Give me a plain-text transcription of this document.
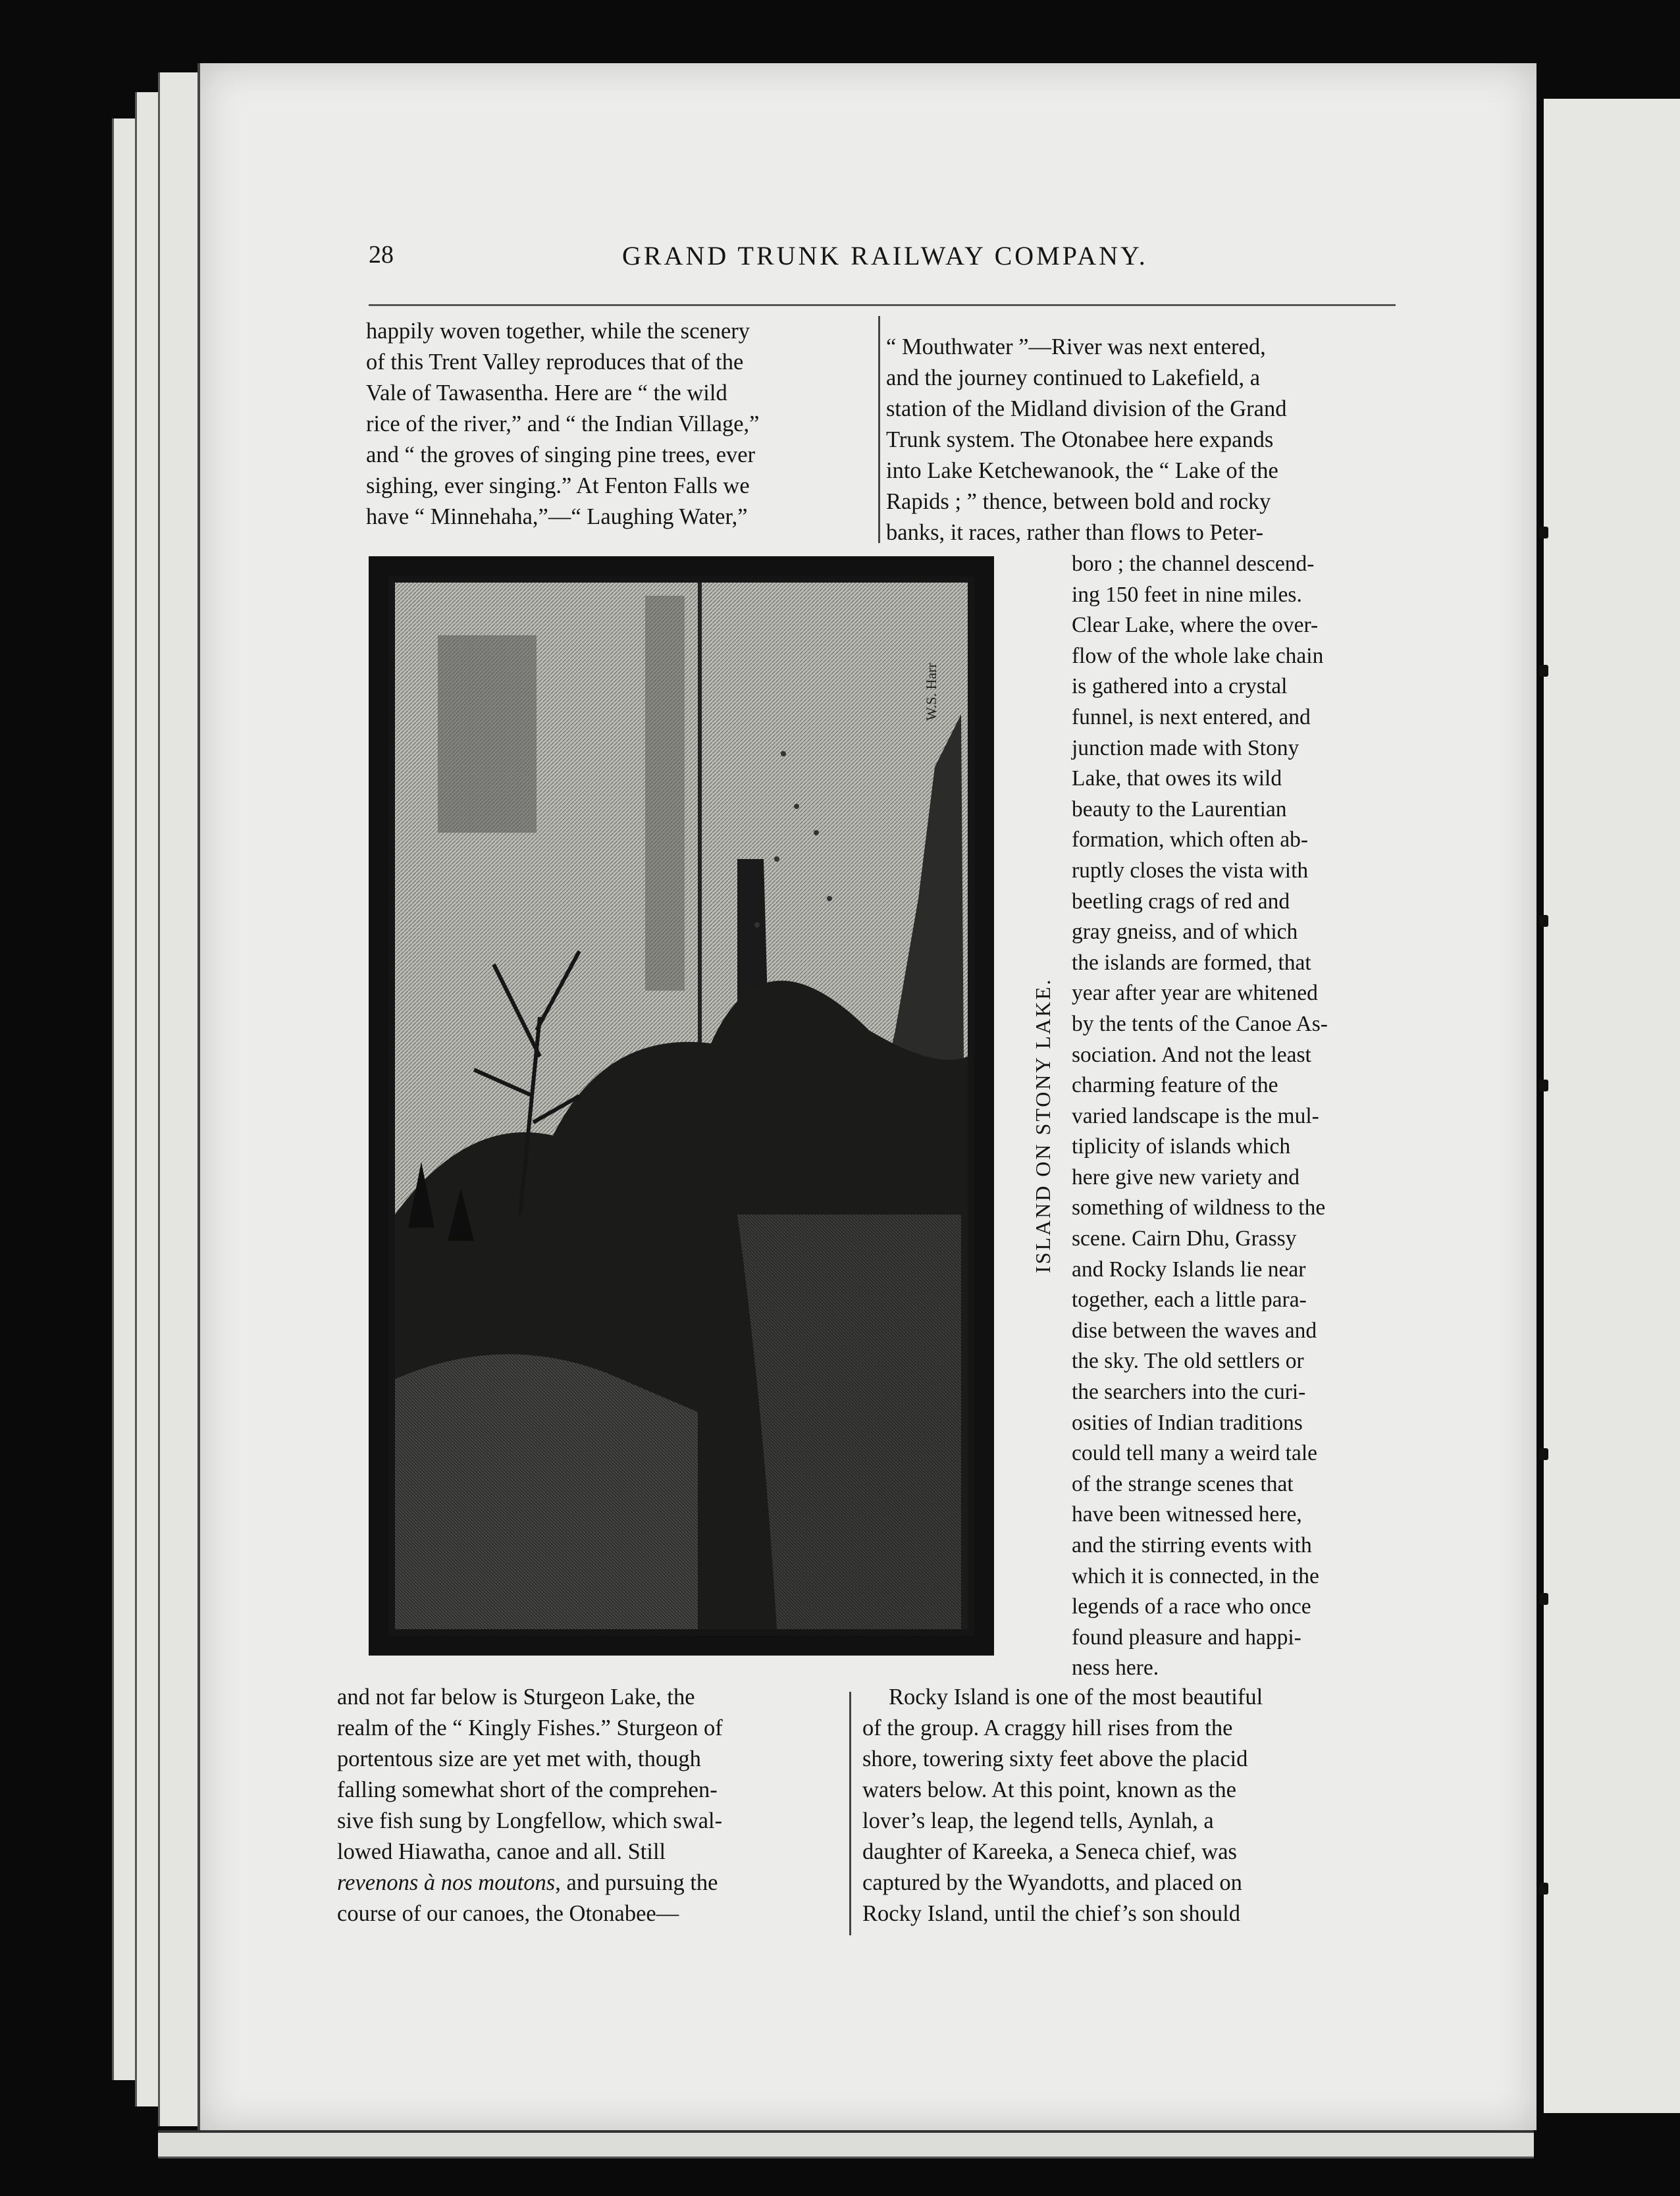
28	GRAND TRUNK RAILWAY COMPANY.

happily woven together, while the scenery

of this Trent Valley reproduces that of the

Vale of Tawasentha. Here are “ the wild

rice of the river,” and “ the Indian Village,”

and “ the groves of singing pine trees, ever

sighing, ever singing.” At Fenton Falls we

have “ Minnehaha,”—“ Laughing Water,”

“ Mouthwater ”—River was next entered,

and the journey continued to Lakefield, a

station of the Midland division of the Grand

Trunk system. The Otonabee here expands

into Lake Ketchewanook, the “ Lake of the

Rapids ; ” thence, between bold and rocky

banks, it races, rather than flows to Peter-

W.S. Harr
ISLAND ON STONY LAKE.

boro ; the channel descend-

ing 150 feet in nine miles.

Clear Lake, where the over-

flow of the whole lake chain

is gathered into a crystal

funnel, is next entered, and

junction made with Stony

Lake, that owes its wild

beauty to the Laurentian

formation, which often ab-

ruptly closes the vista with

beetling crags of red and

gray gneiss, and of which

the islands are formed, that

year after year are whitened

by the tents of the Canoe As-

sociation. And not the least

charming feature of the

varied landscape is the mul-

tiplicity of islands which

here give new variety and

something of wildness to the

scene. Cairn Dhu, Grassy

and Rocky Islands lie near

together, each a little para-

dise between the waves and

the sky. The old settlers or

the searchers into the curi-

osities of Indian traditions

could tell many a weird tale

of the strange scenes that

have been witnessed here,

and the stirring events with

which it is connected, in the

legends of a race who once

found pleasure and happi-

ness here.

and not far below is Sturgeon Lake, the

realm of the “ Kingly Fishes.” Sturgeon of

portentous size are yet met with, though

falling somewhat short of the comprehen-

sive fish sung by Longfellow, which swal-

lowed Hiawatha, canoe and all. Still

revenons à nos moutons, and pursuing the

course of our canoes, the Otonabee—

Rocky Island is one of the most beautiful

of the group. A craggy hill rises from the

shore, towering sixty feet above the placid

waters below. At this point, known as the

lover’s leap, the legend tells, Aynlah, a

daughter of Kareeka, a Seneca chief, was

captured by the Wyandotts, and placed on

Rocky Island, until the chief’s son should
